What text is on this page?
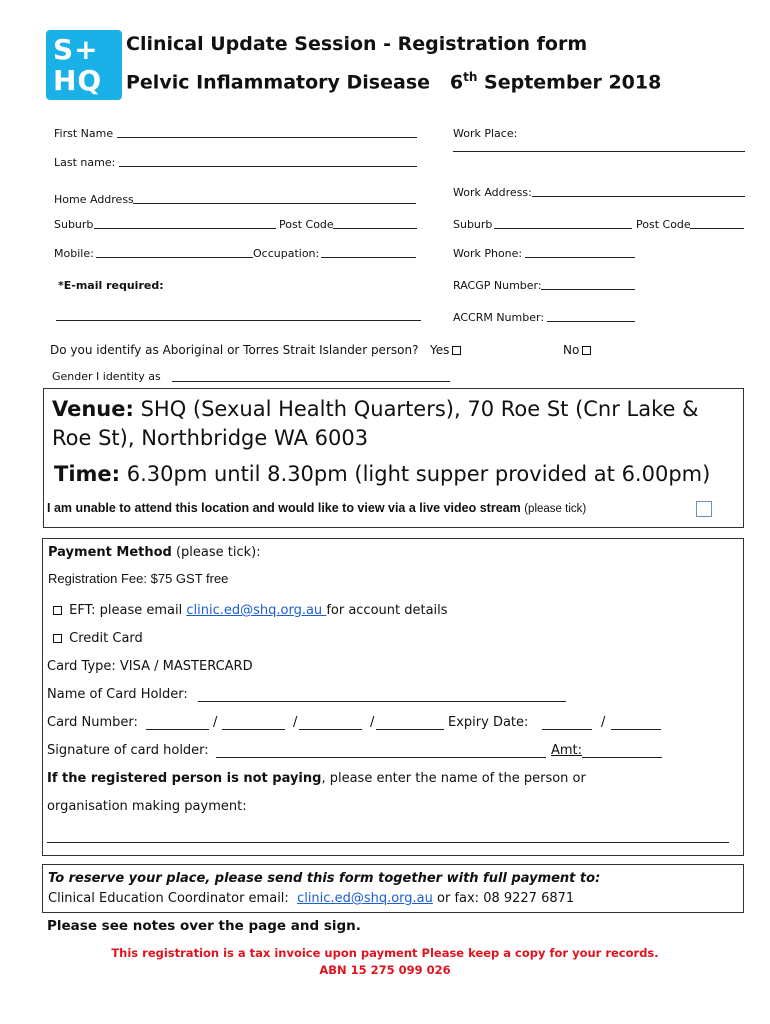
S+
HQ
Clinical Update Session - Registration form
Pelvic Inflammatory Disease 6th September 2018
First Name
Last name:
Home Address
Suburb	Post Code
Mobile:	Occupation:
*E-mail required:
Work Place:
Work Address:
Suburb	Post Code
Work Phone:
RACGP Number:
ACCRM Number:
Do you identify as Aboriginal or Torres Strait Islander person? Yes	No
Gender I identity as
Venue: SHQ (Sexual Health Quarters), 70 Roe St (Cnr Lake &
Roe St), Northbridge WA 6003
Time: 6.30pm until 8.30pm (light supper provided at 6.00pm)
I am unable to attend this location and would like to view via a live video stream (please tick)
Payment Method (please tick):
Registration Fee: $75 GST free
EFT: please email clinic.ed@shq.org.au for account details
Credit Card
Card Type: VISA / MASTERCARD
Name of Card Holder:
Card Number:	/	/	/	Expiry Date:	/
Signature of card holder:	Amt:
If the registered person is not paying, please enter the name of the person or
organisation making payment:
To reserve your place, please send this form together with full payment to:
Clinical Education Coordinator email: clinic.ed@shq.org.au or fax: 08 9227 6871
Please see notes over the page and sign.
This registration is a tax invoice upon payment Please keep a copy for your records.
ABN 15 275 099 026
